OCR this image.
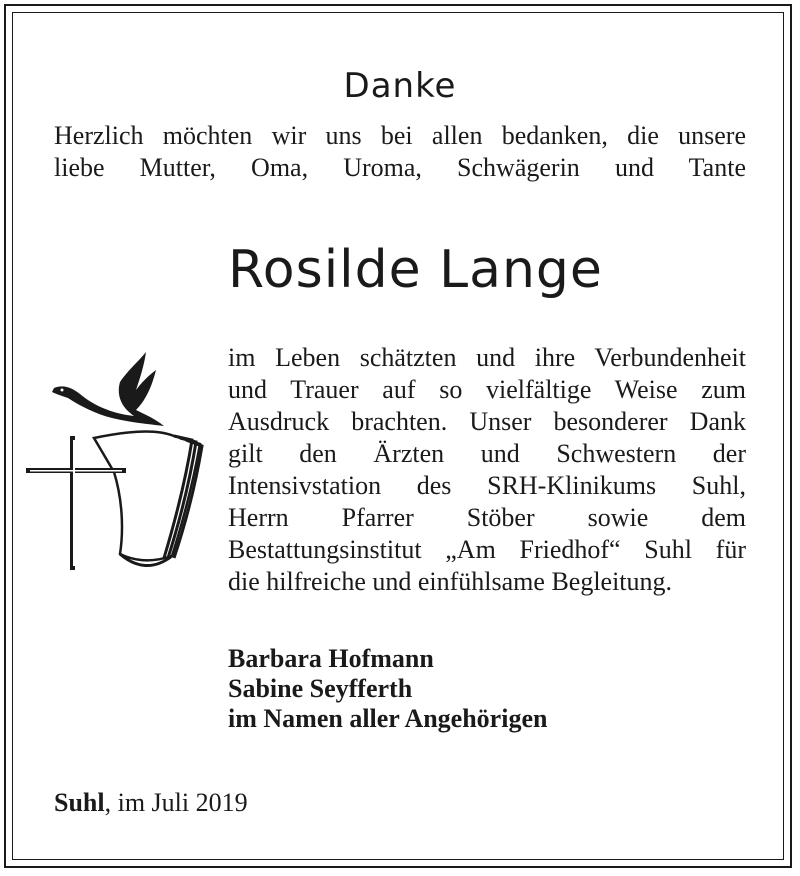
Danke
Herzlich möchten wir uns bei allen bedanken, die unsere
liebe Mutter, Oma, Uroma, Schwägerin und Tante
Rosilde Lange
im Leben schätzten und ihre Verbundenheit
und Trauer auf so vielfältige Weise zum
Ausdruck brachten. Unser besonderer Dank
gilt den Ärzten und Schwestern der
Intensivstation des SRH-Klinikums Suhl,
Herrn Pfarrer Stöber sowie dem
Bestattungsinstitut „Am Friedhof“ Suhl für
die hilfreiche und einfühlsame Begleitung.
Barbara Hofmann
Sabine Seyfferth
im Namen aller Angehörigen
Suhl, im Juli 2019
